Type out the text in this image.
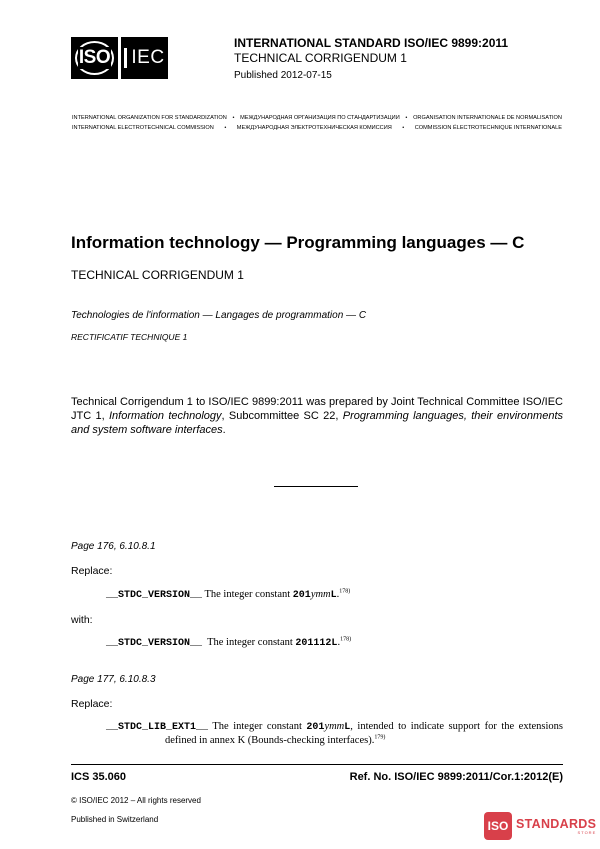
ISO IEC
INTERNATIONAL STANDARD ISO/IEC 9899:2011
TECHNICAL CORRIGENDUM 1
Published 2012-07-15
INTERNATIONAL ORGANIZATION FOR STANDARDIZATION	•	МЕЖДУНАРОДНАЯ ОРГАНИЗАЦИЯ ПО СТАНДАРТИЗАЦИИ	•	ORGANISATION INTERNATIONALE DE NORMALISATION
INTERNATIONAL ELECTROTECHNICAL COMMISSION	•	МЕЖДУНАРОДНАЯ ЭЛЕКТРОТЕХНИЧЕСКАЯ КОМИССИЯ	•	COMMISSION ÉLECTROTECHNIQUE INTERNATIONALE
Information technology — Programming languages — C
TECHNICAL CORRIGENDUM 1
Technologies de l'information — Langages de programmation — C
RECTIFICATIF TECHNIQUE 1
Technical Corrigendum 1 to ISO/IEC 9899:2011 was prepared by Joint Technical Committee ISO/IEC JTC 1, Information technology, Subcommittee SC 22, Programming languages, their environments and system software interfaces.
Page 176, 6.10.8.1
Replace:
__STDC_VERSION__ The integer constant 201ymmL.$^{178)}$
with:
__STDC_VERSION__ The integer constant 201112L.$^{178)}$
Page 177, 6.10.8.3
Replace:
__STDC_LIB_EXT1__ The integer constant 201ymmL, intended to indicate support for the extensions
defined in annex K (Bounds-checking interfaces).$^{179)}$
ICS 35.060	Ref. No. ISO/IEC 9899:2011/Cor.1:2012(E)
© ISO/IEC 2012 – All rights reserved
Published in Switzerland	ISO STANDARDS
STORE
